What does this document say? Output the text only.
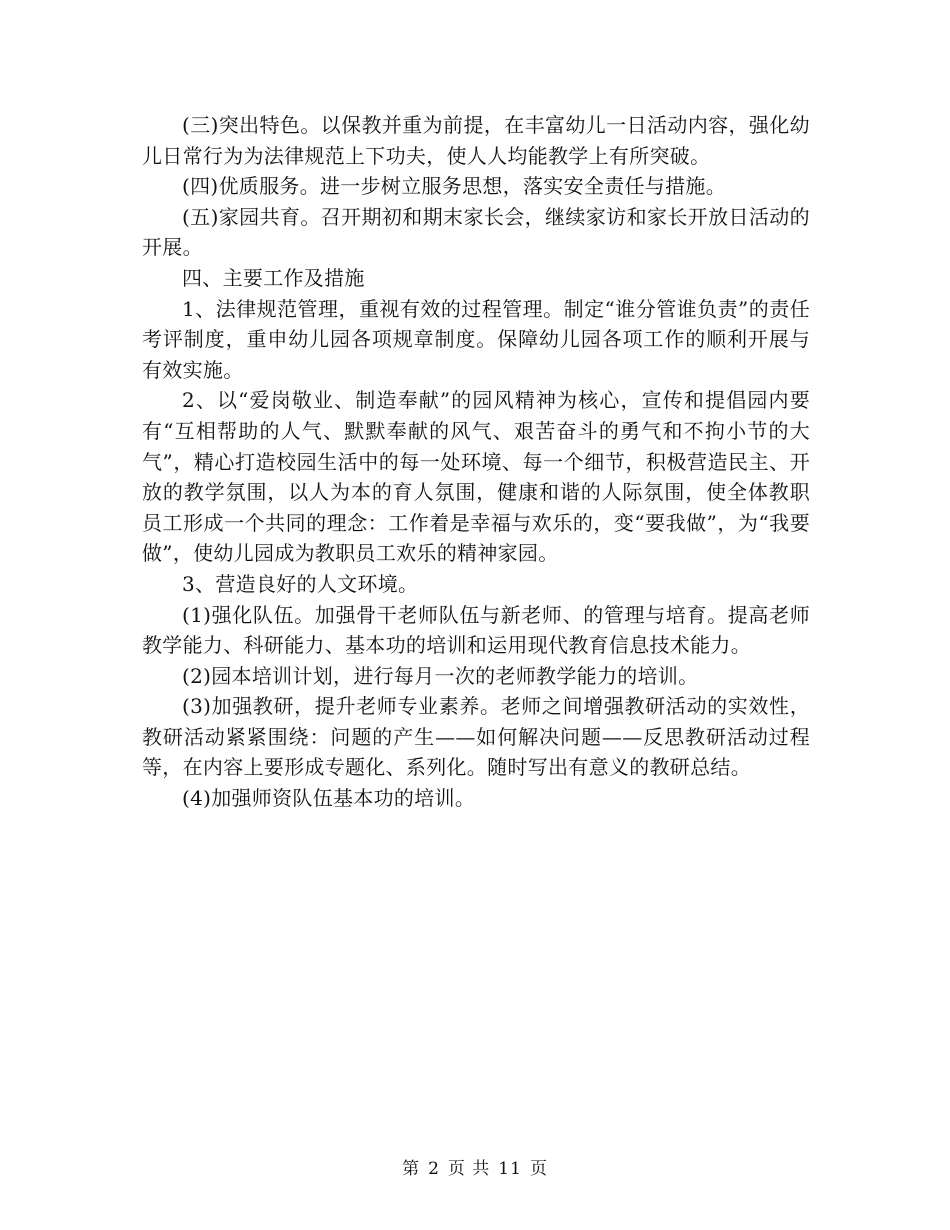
(三)突出特色。以保教并重为前提，在丰富幼儿一日活动内容，强化幼儿日常行为为法律规范上下功夫，使人人均能教学上有所突破。

(四)优质服务。进一步树立服务思想，落实安全责任与措施。

(五)家园共育。召开期初和期末家长会，继续家访和家长开放日活动的开展。

四、主要工作及措施

1、法律规范管理，重视有效的过程管理。制定“谁分管谁负责”的责任考评制度，重申幼儿园各项规章制度。保障幼儿园各项工作的顺利开展与有效实施。

2、以“爱岗敬业、制造奉献”的园风精神为核心，宣传和提倡园内要有“互相帮助的人气、默默奉献的风气、艰苦奋斗的勇气和不拘小节的大气”，精心打造校园生活中的每一处环境、每一个细节，积极营造民主、开放的教学氛围，以人为本的育人氛围，健康和谐的人际氛围，使全体教职员工形成一个共同的理念：工作着是幸福与欢乐的，变“要我做”，为“我要做”，使幼儿园成为教职员工欢乐的精神家园。

3、营造良好的人文环境。

(1)强化队伍。加强骨干老师队伍与新老师、的管理与培育。提高老师教学能力、科研能力、基本功的培训和运用现代教育信息技术能力。

(2)园本培训计划，进行每月一次的老师教学能力的培训。

(3)加强教研，提升老师专业素养。老师之间增强教研活动的实效性，教研活动紧紧围绕：问题的产生——如何解决问题——反思教研活动过程等，在内容上要形成专题化、系列化。随时写出有意义的教研总结。

(4)加强师资队伍基本功的培训。

第 2 页 共 11 页
